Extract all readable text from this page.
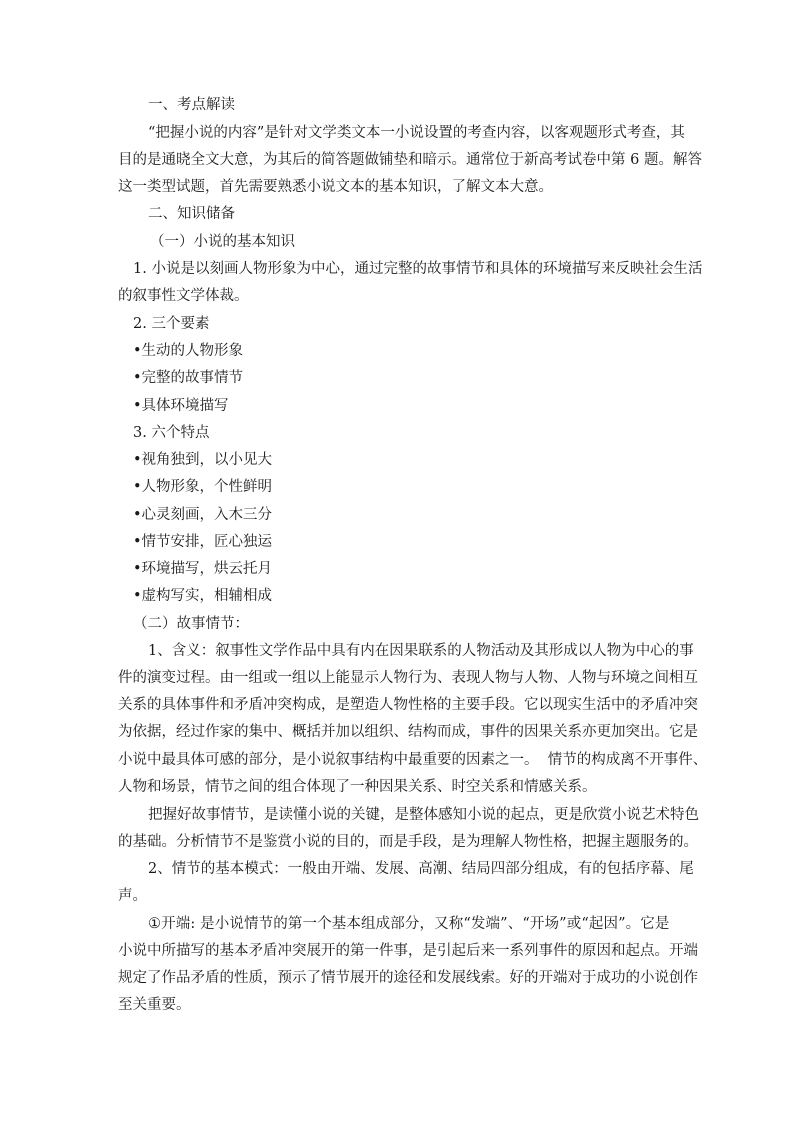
一、考点解读
“ 把 握 小 说 的 内 容 ” 是 针 对 文 学 类 文 本 一 小 说 设 置 的 考 查 内 容 ， 以 客 观 题 形 式 考 查 ， 其
目 的 是 通 晓 全 文 大 意 ， 为 其 后 的 简 答 题 做 铺 垫 和 暗 示 。 通 常 位 于 新 高 考 试 卷 中 第
6
题 。 解 答
这一类型试题，首先需要熟悉小说文本的基本知识，了解文本大意。
二、知识储备
（一）小说的基本知识
1 .
小 说 是 以 刻 画 人 物 形 象 为 中 心 ， 通 过 完 整 的 故 事 情 节 和 具 体 的 环 境 描 写 来 反 映 社 会 生 活
的叙事性文学体裁。
2. 三个要素
•生动的人物形象
•完整的故事情节
•具体环境描写
3. 六个特点
•视角独到，以小见大
•人物形象，个性鲜明
•心灵刻画，入木三分
•情节安排，匠心独运
•环境描写，烘云托月
•虚构写实，相辅相成
（二）故事情节：
1 、 含 义 ： 叙 事 性 文 学 作 品 中 具 有 内 在 因 果 联 系 的 人 物 活 动 及 其 形 成 以 人 物 为 中 心 的 事
件 的 演 变 过 程 。 由 一 组 或 一 组 以 上 能 显 示 人 物 行 为 、 表 现 人 物 与 人 物 、 人 物 与 环 境 之 间 相 互
关 系 的 具 体 事 件 和 矛 盾 冲 突 构 成 ， 是 塑 造 人 物 性 格 的 主 要 手 段 。 它 以 现 实 生 活 中 的 矛 盾 冲 突
为 依 据 ， 经 过 作 家 的 集 中 、 概 括 并 加 以 组 织 、 结 构 而 成 ， 事 件 的 因 果 关 系 亦 更 加 突 出 。 它 是
小 说 中 最 具 体 可 感 的 部 分 ， 是 小 说 叙 事 结 构 中 最 重 要 的 因 素 之 一 。

情 节 的 构 成 离 不 开 事 件 、
人物和场景，情节之间的组合体现了一种因果关系、时空关系和情感关系。
把 握 好 故 事 情 节 ， 是 读 懂 小 说 的 关 键 ， 是 整 体 感 知 小 说 的 起 点 ， 更 是 欣 赏 小 说 艺 术 特 色
的 基 础 。 分 析 情 节 不 是 鉴 赏 小 说 的 目 的 ， 而 是 手 段 ， 是 为 理 解 人 物 性 格 ， 把 握 主 题 服 务 的 。
2 、 情 节 的 基 本 模 式 ： 一 般 由 开 端 、 发 展 、 高 潮 、 结 局 四 部 分 组 成 ， 有 的 包 括 序 幕 、 尾
声。
① 开 端 :
是 小 说 情 节 的 第 一 个 基 本 组 成 部 分 ， 又 称 “ 发 端 ” 、 “ 开 场 ” 或 “ 起 因 ” 。 它 是
小 说 中 所 描 写 的 基 本 矛 盾 冲 突 展 开 的 第 一 件 事 ， 是 引 起 后 来 一 系 列 事 件 的 原 因 和 起 点 。 开 端
规 定 了 作 品 矛 盾 的 性 质 ， 预 示 了 情 节 展 开 的 途 径 和 发 展 线 索 。 好 的 开 端 对 于 成 功 的 小 说 创 作
至关重要。
